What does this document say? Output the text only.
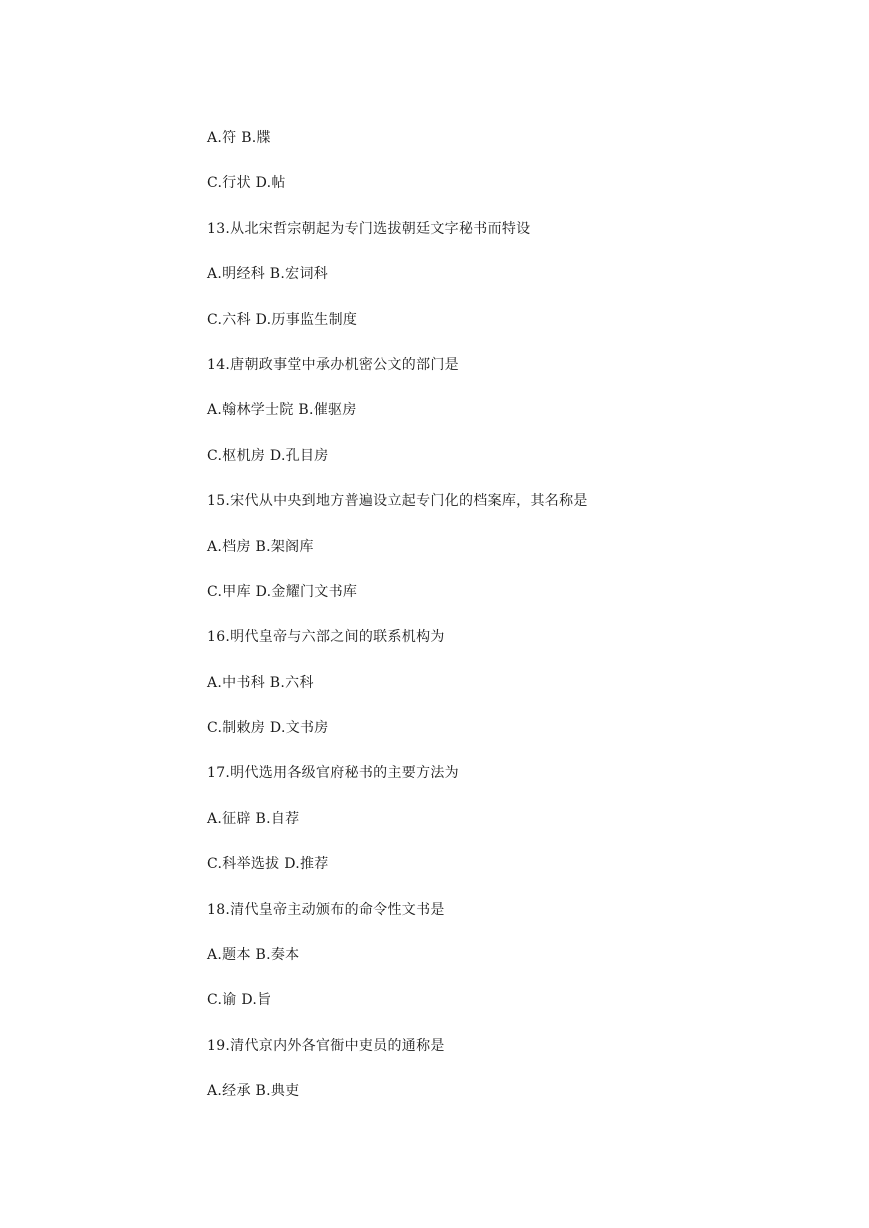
A.符 B.牒
C.行状 D.帖
13.从北宋哲宗朝起为专门选拔朝廷文字秘书而特设
A.明经科 B.宏词科
C.六科 D.历事监生制度
14.唐朝政事堂中承办机密公文的部门是
A.翰林学士院 B.催驱房
C.枢机房 D.孔目房
15.宋代从中央到地方普遍设立起专门化的档案库，其名称是
A.档房 B.架阁库
C.甲库 D.金耀门文书库
16.明代皇帝与六部之间的联系机构为
A.中书科 B.六科
C.制敕房 D.文书房
17.明代选用各级官府秘书的主要方法为
A.征辟 B.自荐
C.科举选拔 D.推荐
18.清代皇帝主动颁布的命令性文书是
A.题本 B.奏本
C.谕 D.旨
19.清代京内外各官衙中吏员的通称是
A.经承 B.典吏
